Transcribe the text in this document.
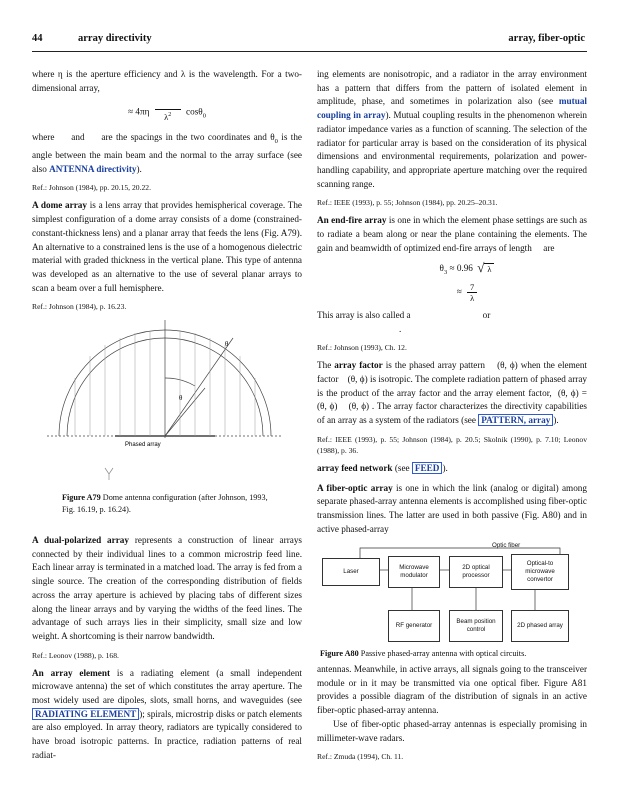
44	array directivity	array, fiber-optic

where η is the aperture efficiency and λ is the wavelength. For a two-dimensional array,

≈ 4πη
$\lambda^2$	cosθ$_0$

where     and     are the spacings in the two coordinates and $\theta_0$ is the angle between the main beam and the normal to the array surface (see also ANTENNA directivity).

Ref.: Johnson (1984), pp. 20.15, 20.22.

A dome array is a lens array that provides hemispherical coverage. The simplest configuration of a dome array consists of a dome (constrained-constant-thickness lens) and a planar array that feeds the lens (Fig. A79). An alternative to a constrained lens is the use of a homogenous dielectric material with graded thickness in the vertical plane. This type of antenna was developed as an alternative to the use of several planar arrays to scan a beam over a full hemisphere.

Ref.: Johnson (1984), p. 16.23.

θ
θ
Phased array
Figure A79 Dome antenna configuration (after Johnson, 1993, Fig. 16.19, p. 16.24).

A dual-polarized array represents a construction of linear arrays connected by their individual lines to a common microstrip feed line. Each linear array is terminated in a matched load. The array is fed from a single source. The creation of the corresponding distribution of fields across the array aperture is achieved by placing tabs of different sizes along the linear arrays and by varying the widths of the feed lines. The advantage of such arrays lies in their simplicity, small size and low weight. A shortcoming is their narrow bandwidth.

Ref.: Leonov (1988), p. 168.

An array element is a radiating element (a small independent microwave antenna) the set of which constitutes the array aperture. The most widely used are dipoles, slots, small horns, and waveguides (see RADIATING ELEMENT ); spirals, microstrip disks or patch elements are also employed. In array theory, radiators are typically considered to have broad isotropic patterns. In practice, radiation patterns of real radiat-

ing elements are nonisotropic, and a radiator in the array environment has a pattern that differs from the pattern of isolated element in amplitude, phase, and sometimes in polarization also (see mutual coupling in array). Mutual coupling results in the phenomenon wherein radiator impedance varies as a function of scanning. The selection of the radiator for particular array is based on the consideration of its physical dimensions and environmental requirements, polarization and power-handling capability, and appropriate aperture matching over the required scanning range.

Ref.: IEEE (1993), p. 55; Johnson (1984), pp. 20.25–20.31.

An end-fire array is one in which the element phase settings are such as to radiate a beam along or near the plane containing the elements. The gain and beamwidth of optimized end-fire arrays of length     are

$\theta_3 \approx 0.96$ √ λ
≈ $\frac{7}{\lambda}$

This array is also called a	or

.

Ref.: Johnson (1993), Ch. 12.

The array factor is the phased array pattern    (θ, ϕ) when the element factor    (θ, ϕ) is isotropic. The complete radiation pattern of phased array is the product of the array factor and the array element factor,  (θ, ϕ) =    (θ, ϕ)    (θ, ϕ) . The array factor characterizes the directivity capabilities of an array as a system of the radiators (see PATTERN, array ).

Ref.: IEEE (1993), p. 55; Johnson (1984), p. 20.5; Skolnik (1990), p. 7.10; Leonov (1988), p. 36.

array feed network (see FEED ).

A fiber-optic array is one in which the link (analog or digital) among separate phased-array antenna elements is accomplished using fiber-optic transmission lines. The latter are used in both passive (Fig. A80) and in active phased-array

Optic fiber
Laser
Microwave modulator
2D optical processor
Optical-to microwave convertor
RF generator
Beam position control
2D phased array
Figure A80 Passive phased-array antenna with optical circuits.

antennas. Meanwhile, in active arrays, all signals going to the transceiver module or in it may be transmitted via one optical fiber. Figure A81 provides a possible diagram of the distribution of signals in an active fiber-optic phased-array antenna.

Use of fiber-optic phased-array antennas is especially promising in millimeter-wave radars.

Ref.: Zmuda (1994), Ch. 11.
